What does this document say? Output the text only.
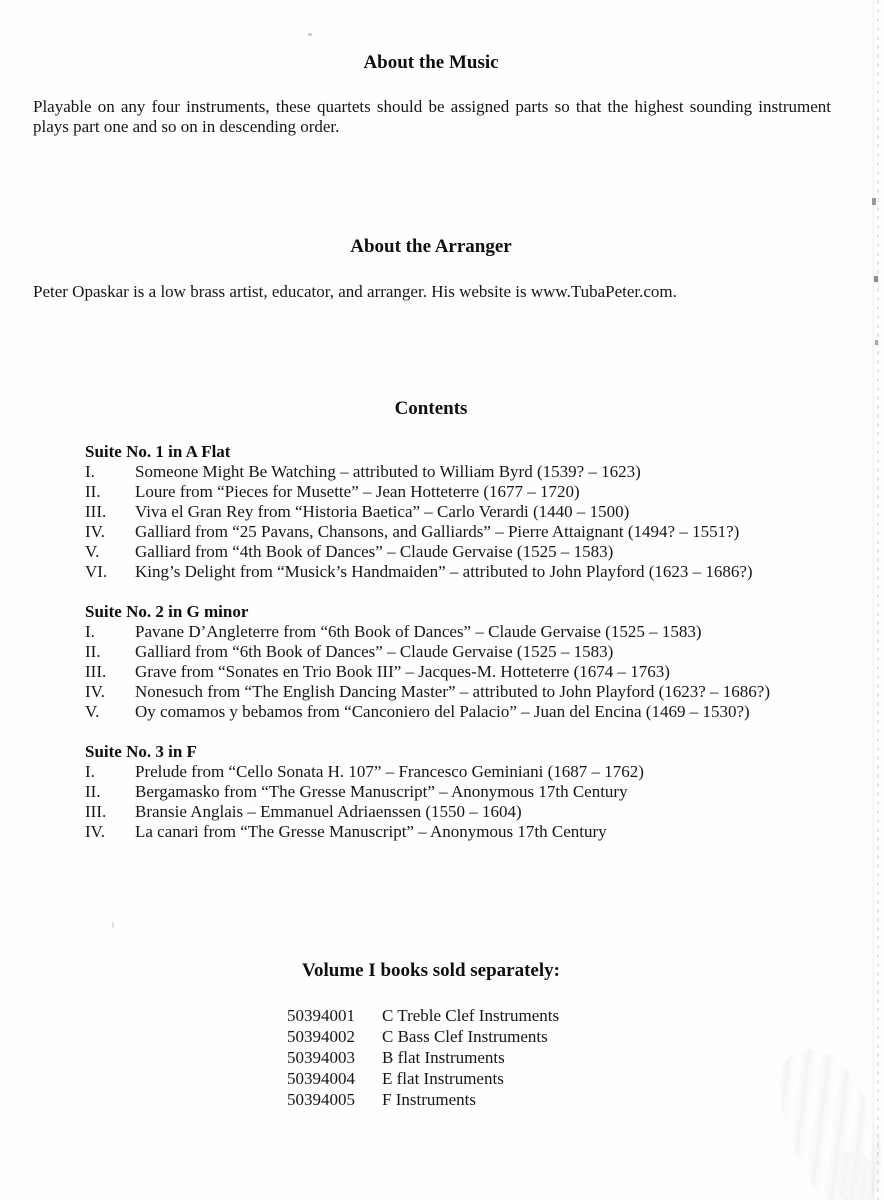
About the Music
Playable on any four instruments, these quartets should be assigned parts so that the highest sounding instrument plays part one and so on in descending order.
About the Arranger
Peter Opaskar is a low brass artist, educator, and arranger. His website is www.TubaPeter.com.
Contents
Suite No. 1 in A Flat
I.	Someone Might Be Watching – attributed to William Byrd (1539? – 1623)
II.	Loure from “Pieces for Musette” – Jean Hotteterre (1677 – 1720)
III.	Viva el Gran Rey from “Historia Baetica” – Carlo Verardi (1440 – 1500)
IV.	Galliard from “25 Pavans, Chansons, and Galliards” – Pierre Attaignant (1494? – 1551?)
V.	Galliard from “4th Book of Dances” – Claude Gervaise (1525 – 1583)
VI.	King’s Delight from “Musick’s Handmaiden” – attributed to John Playford (1623 – 1686?)
Suite No. 2 in G minor
I.	Pavane D’Angleterre from “6th Book of Dances” – Claude Gervaise (1525 – 1583)
II.	Galliard from “6th Book of Dances” – Claude Gervaise (1525 – 1583)
III.	Grave from “Sonates en Trio Book III” – Jacques-M. Hotteterre (1674 – 1763)
IV.	Nonesuch from “The English Dancing Master” – attributed to John Playford (1623? – 1686?)
V.	Oy comamos y bebamos from “Canconiero del Palacio” – Juan del Encina (1469 – 1530?)
Suite No. 3 in F
I.	Prelude from “Cello Sonata H. 107” – Francesco Geminiani (1687 – 1762)
II.	Bergamasko from “The Gresse Manuscript” – Anonymous 17th Century
III.	Bransie Anglais – Emmanuel Adriaenssen (1550 – 1604)
IV.	La canari from “The Gresse Manuscript” – Anonymous 17th Century
Volume I books sold separately:
50394001	C Treble Clef Instruments
50394002	C Bass Clef Instruments
50394003	B flat Instruments
50394004	E flat Instruments
50394005	F Instruments
